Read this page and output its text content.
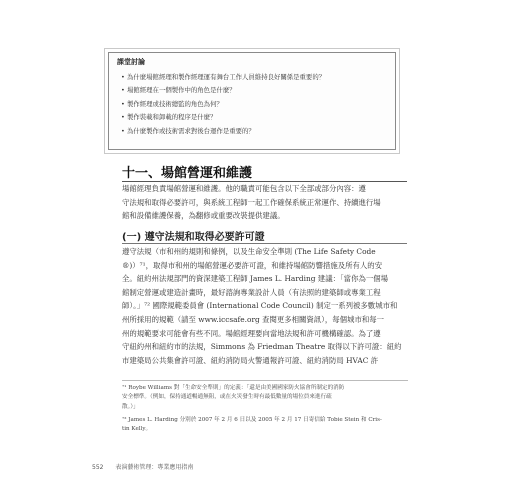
課堂討論
• 為什麼場館經理和製作經理運有舞台工作人員維持良好關係是重要的？
• 場館經理在一個製作中的角色是什麼？
• 製作經理或技術總監的角色為何？
• 製作裝載和卸載的程序是什麼？
• 為什麼製作或技術需求對後台運作是重要的？
十一、場館營運和維護
場館經理負責場館營運和維護。他的職責可能包含以下全部或部分內容：遵
守法規和取得必要許可，與系統工程師一起工作確保系統正常運作、持續進行場
館和設備維護保養，為翻修或重要改裝提供建議。
(一) 遵守法規和取得必要許可證
遵守法規（市和州的規則和條例，以及生命安全準則 (The Life Safety Code
®)）⁷¹，取得市和州的場館營運必要許可證，和維持場館防響措施及所有人的安
全。紐約州法規部門的資深建築工程師 James L. Harding 建議：「當你為一個場
館制定營運或建造計畫時，最好諮詢專業設計人員（有法照的建築師或專業工程
師）。」⁷² 國際規範委員會 (International Code Council) 制定一系列被多數城市和
州所採用的規範（請至 www.iccsafe.org 查閱更多相關資訊），每個城市和每一
州的規範要求可能會有些不同。場館經理要向當地法規和許可機構確認。為了遵
守紐約州和紐約市的法規，Simmons 為 Friedman Theatre 取得以下許可證：紐約
市建築局公共集會許可證、紐約消防局火警通報許可證、紐約消防局 HVAC 許
⁷¹ Roybe Williams 對「生命安全準則」的定義：「還是由美國國家防火協會所制定的消防
安全標準。（例如，保持通道暢通無阻，或在火災發生時有最低數量的場位員來進行疏
散。）」
⁷² James L. Harding 分別於 2007 年 2 月 6 日以及 2005 年 2 月 17 日寄信給 Tobie Stein 和 Cris-
tin Kelly。
552 表演藝術管理：專業應用指南
